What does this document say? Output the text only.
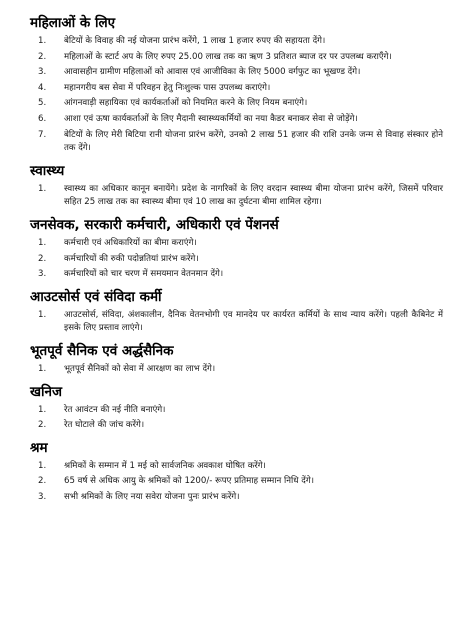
महिलाओं के लिए
1.	बेटियों के विवाह की नई योजना प्रारंभ करेंगे, 1 लाख 1 हजार रुपए की सहायता देंगे।
2.	महिलाओं के स्टार्ट अप के लिए रुपए 25.00 लाख तक का ऋण 3 प्रतिशत ब्याज दर पर उपलब्ध कराएँगे।
3.	आवासहीन ग्रामीण महिलाओं को आवास एवं आजीविका के लिए 5000 वर्गफुट का भूखण्ड देंगे।
4.	महानगरीय बस सेवा में परिवहन हेतु निःशुल्क पास उपलब्ध कराएंगे।
5.	आंगनवाड़ी सहायिका एवं कार्यकर्ताओं को नियमित करने के लिए नियम बनाएंगे।
6.	आशा एवं ऊषा कार्यकर्ताओं के लिए मैदानी स्वास्थ्यकर्मियों का नया कैडर बनाकर सेवा से जोड़ेंगे।
7.	बेटियों के लिए मेरी बिटिया रानी योजना प्रारंभ करेंगे, उनको 2 लाख 51 हजार की राशि उनके जन्म से विवाह संस्कार होने तक देंगे।
स्वास्थ्य
1.	स्वास्थ्य का अधिकार कानून बनायेंगे। प्रदेश के नागरिकों के लिए वरदान स्वास्थ्य बीमा योजना प्रारंभ करेंगे, जिसमें परिवार सहित 25 लाख तक का स्वास्थ्य बीमा एवं 10 लाख का दुर्घटना बीमा शामिल रहेगा।
जनसेवक, सरकारी कर्मचारी, अधिकारी एवं पेंशनर्स
1.	कर्मचारी एवं अधिकारियों का बीमा कराएंगे।
2.	कर्मचारियों की रुकी पदोन्नतियां प्रारंभ करेंगे।
3.	कर्मचारियों को चार चरण में समयमान वेतनमान देंगे।
आउटसोर्स एवं संविदा कर्मी
1.	आउटसोर्स, संविदा, अंशकालीन, दैनिक वेतनभोगी एव मानदेय पर कार्यरत कर्मियों के साथ न्याय करेंगे। पहली कैबिनेट में इसके लिए प्रस्ताव लाएंगे।
भूतपूर्व सैनिक एवं अर्द्धसैनिक
1.	भूतपूर्व सैनिकों को सेवा में आरक्षण का लाभ देंगे।
खनिज
1.	रेत आवंटन की नई नीति बनाएंगे।
2.	रेत घोटाले की जांच करेंगे।
श्रम
1.	श्रमिकों के सम्मान में 1 मई को सार्वजनिक अवकाश घोषित करेंगे।
2.	65 वर्ष से अधिक आयु के श्रमिकों को 1200/- रूपए प्रतिमाह सम्मान निधि देंगे।
3.	सभी श्रमिकों के लिए नया सवेरा योजना पुनः प्रारंभ करेंगे।
